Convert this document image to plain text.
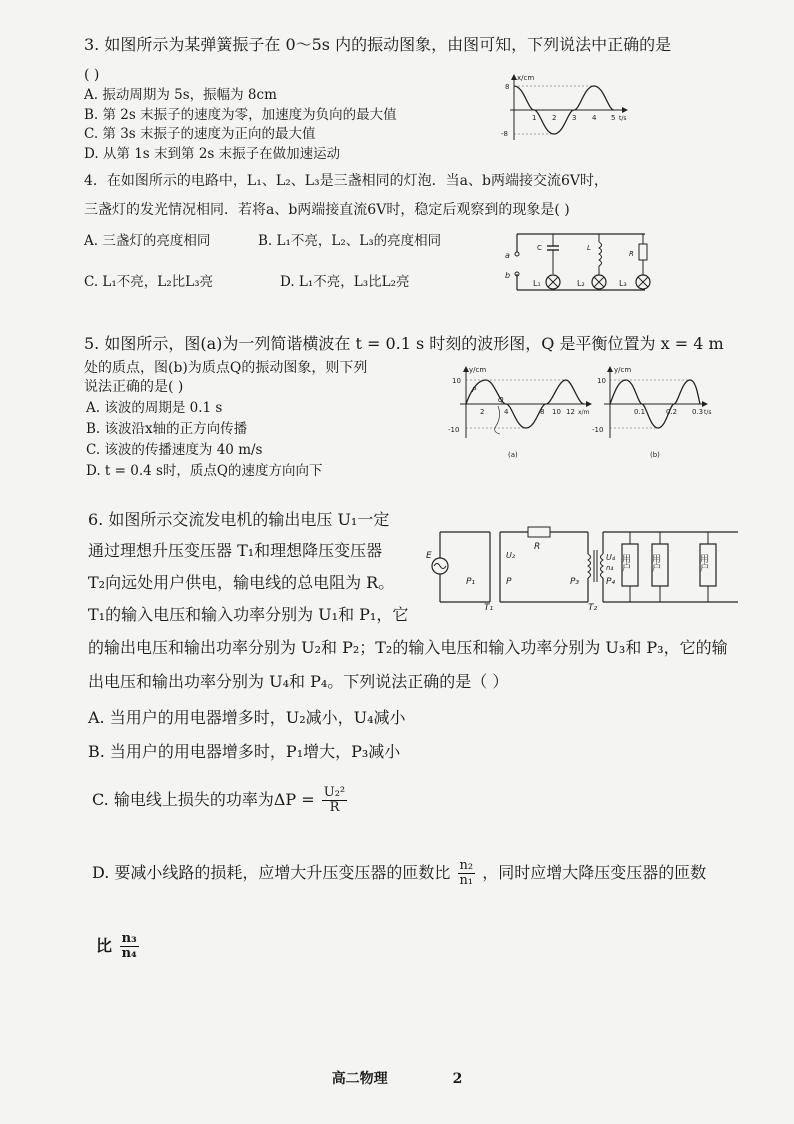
3. 如图所示为某弹簧振子在 0～5s 内的振动图象，由图可知，下列说法中正确的是
( )
A. 振动周期为 5s，振幅为 8cm
B. 第 2s 末振子的速度为零，加速度为负向的最大值
C. 第 3s 末振子的速度为正向的最大值
D. 从第 1s 末到第 2s 末振子在做加速运动
x/cm
8
-8
1 2 3 4 5 t/s
4．在如图所示的电路中，L₁、L₂、L₃是三盏相同的灯泡．当a、b两端接交流6V时，
三盏灯的发光情况相同．若将a、b两端接直流6V时，稳定后观察到的现象是( )
A. 三盏灯的亮度相同	B. L₁不亮，L₂、L₃的亮度相同
C. L₁不亮，L₂比L₃亮	D. L₁不亮，L₃比L₂亮
a
b
C
L₁
L
L₂
R
L₃
5. 如图所示，图(a)为一列简谐横波在 t = 0.1 s 时刻的波形图，Q 是平衡位置为 x = 4 m
处的质点，图(b)为质点Q的振动图象，则下列
说法正确的是( )
A. 该波的周期是 0.1 s
B. 该波沿x轴的正方向传播
C. 该波的传播速度为 40 m/s
D. t = 0.4 s时，质点Q的速度方向向下
y/cm
10
-10
P
Q
2	4	8 10 12 x/m
(a)
y/cm
10
-10
0.1	0.2 0.3 t/s
(b)
6. 如图所示交流发电机的输出电压 U₁一定
通过理想升压变压器 T₁和理想降压变压器
T₂向远处用户供电，输电线的总电阻为 R。
T₁的输入电压和输入功率分别为 U₁和 P₁，它
的输出电压和输出功率分别为 U₂和 P₂；T₂的输入电压和输入功率分别为 U₃和 P₃，它的输
出电压和输出功率分别为 U₄和 P₄。下列说法正确的是（ ）
A. 当用户的用电器增多时，U₂减小，U₄减小
B. 当用户的用电器增多时，P₁增大，P₃减小
C. 输电线上损失的功率为$\Delta P = \frac{\text{U₂²}}{R}$
D. 要减小线路的损耗，应增大升压变压器的匝数比 $\frac{\text{n₂}}{\text{n₁}}$ ，同时应增大降压变压器的匝数
比 $\frac{\text{n₃}}{\text{n₄}}$
E
P₁
T₁
R
U₂
P	P₃
T₂
U₄
n₄
P₄
用户 用户	用户
高二物理	2
